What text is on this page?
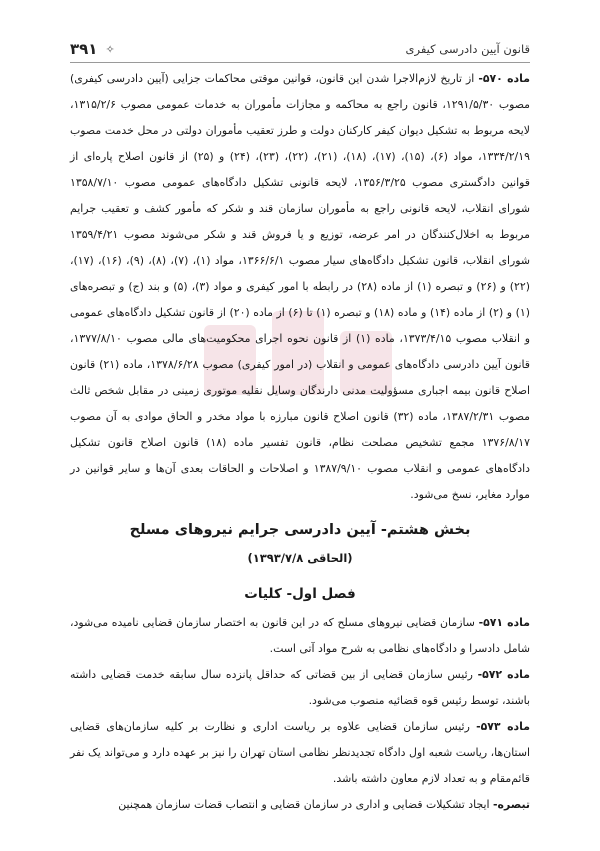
قانون آیین دادرسی کیفری
۳۹۱ ✧

ماده ۵۷۰- از تاریخ لازم‌الاجرا شدن این قانون، قوانین موقتی محاکمات جزایی (آیین دادرسی کیفری) مصوب ۱۲۹۱/۵/۳۰، قانون راجع به محاکمه و مجازات مأموران به خدمات عمومی مصوب ۱۳۱۵/۲/۶، لایحه مربوط به تشکیل دیوان کیفر کارکنان دولت و طرز تعقیب مأموران دولتی در محل خدمت مصوب ۱۳۳۴/۲/۱۹، مواد (۶)، (۱۵)، (۱۷)، (۱۸)، (۲۱)، (۲۲)، (۲۳)، (۲۴) و (۲۵) از قانون اصلاح پاره‌ای از قوانین دادگستری مصوب ۱۳۵۶/۳/۲۵، لایحه قانونی تشکیل دادگاه‌های عمومی مصوب ۱۳۵۸/۷/۱۰ شورای انقلاب، لایحه قانونی راجع به مأموران سازمان قند و شکر که مأمور کشف و تعقیب جرایم مربوط به اخلال‌کنندگان در امر عرضه، توزیع و یا فروش قند و شکر می‌شوند مصوب ۱۳۵۹/۴/۲۱ شورای انقلاب، قانون تشکیل دادگاه‌های سیار مصوب ۱۳۶۶/۶/۱، مواد (۱)، (۷)، (۸)، (۹)، (۱۶)، (۱۷)، (۲۲) و (۲۶) و تبصره (۱) از ماده (۲۸) در رابطه با امور کیفری و مواد (۳)، (۵) و بند (ج) و تبصره‌های (۱) و (۲) از ماده (۱۴) و ماده (۱۸) و تبصره (۱) تا (۶) از ماده (۲۰) از قانون تشکیل دادگاه‌های عمومی و انقلاب مصوب ۱۳۷۳/۴/۱۵، ماده (۱) از قانون نحوه اجرای محکومیت‌های مالی مصوب ۱۳۷۷/۸/۱۰، قانون آیین دادرسی دادگاه‌های عمومی و انقلاب (در امور کیفری) مصوب ۱۳۷۸/۶/۲۸، ماده (۲۱) قانون اصلاح قانون بیمه اجباری مسؤولیت مدنی دارندگان وسایل نقلیه موتوری زمینی در مقابل شخص ثالث مصوب ۱۳۸۷/۲/۳۱، ماده (۳۲) قانون اصلاح قانون مبارزه با مواد مخدر و الحاق موادی به آن مصوب ۱۳۷۶/۸/۱۷ مجمع تشخیص مصلحت نظام، قانون تفسیر ماده (۱۸) قانون اصلاح قانون تشکیل دادگاه‌های عمومی و انقلاب مصوب ۱۳۸۷/۹/۱۰ و اصلاحات و الحاقات بعدی آن‌ها و سایر قوانین در موارد مغایر، نسخ می‌شود.

بخش هشتم- آیین دادرسی جرایم نیروهای مسلح
(الحاقی ۱۳۹۳/۷/۸)
فصل اول- کلیات

ماده ۵۷۱- سازمان قضایی نیروهای مسلح که در این قانون به اختصار سازمان قضایی نامیده می‌شود، شامل دادسرا و دادگاه‌های نظامی به شرح مواد آتی است.

ماده ۵۷۲- رئیس سازمان قضایی از بین قضاتی که حداقل پانزده سال سابقه خدمت قضایی داشته باشند، توسط رئیس قوه قضائیه منصوب می‌شود.

ماده ۵۷۳- رئیس سازمان قضایی علاوه بر ریاست اداری و نظارت بر کلیه سازمان‌های قضایی استان‌ها، ریاست شعبه اول دادگاه تجدیدنظر نظامی استان تهران را نیز بر عهده دارد و می‌تواند یک نفر قائم‌مقام و به تعداد لازم معاون داشته باشد.

تبصره- ایجاد تشکیلات قضایی و اداری در سازمان قضایی و انتصاب قضات سازمان همچنین
